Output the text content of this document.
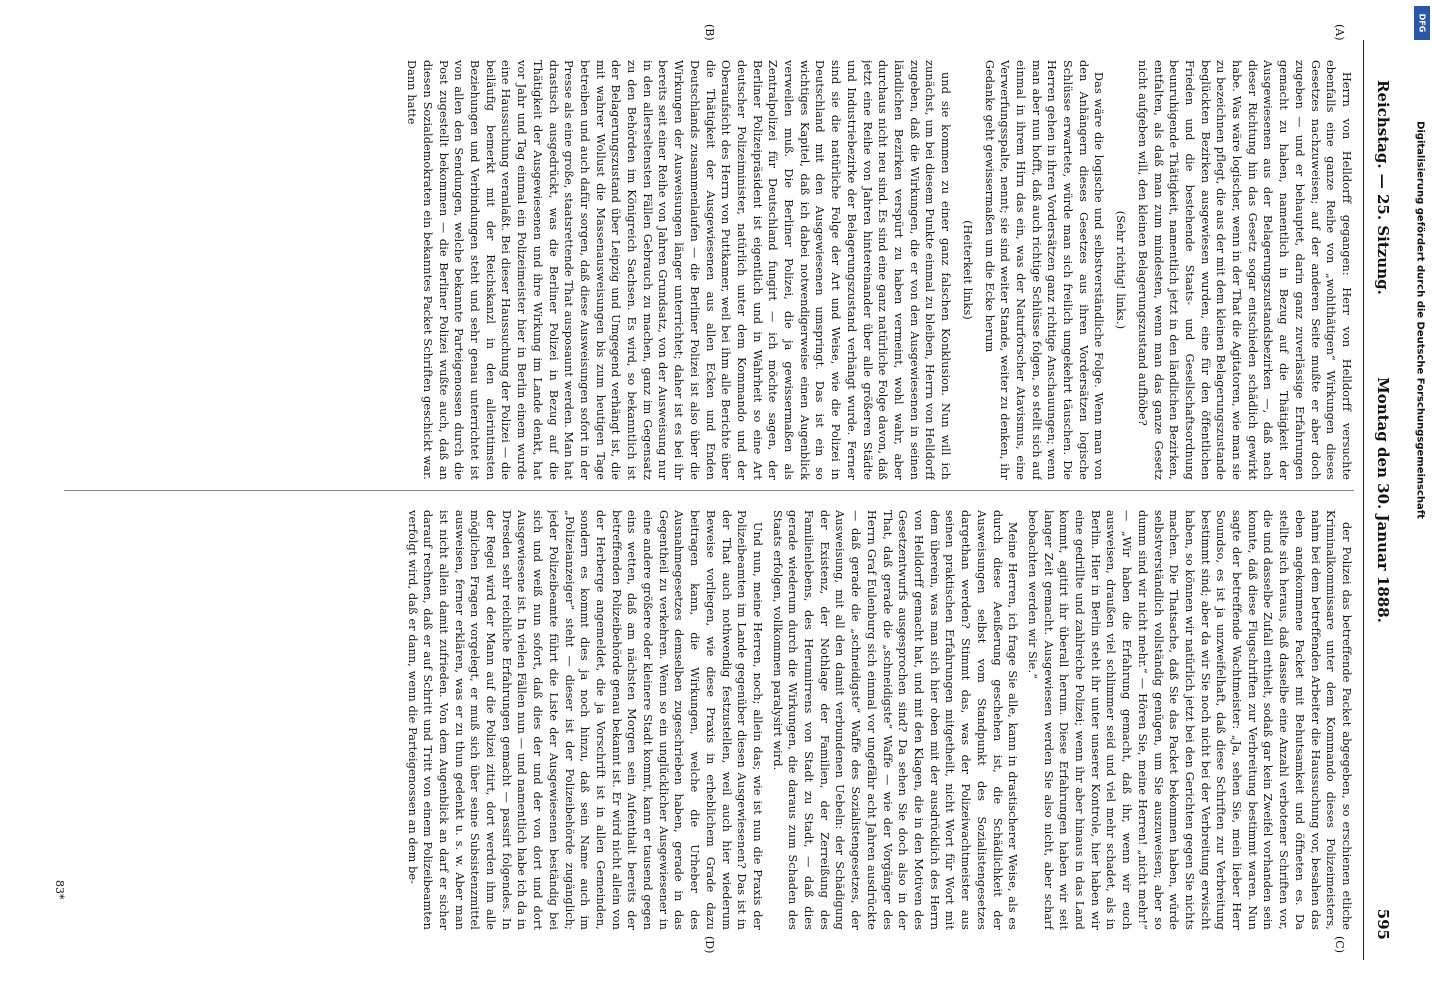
Reichstag. — 25. Sitzung.
Montag den 30. Januar 1888.
595
(A)
(B)
(C)
(D)

Herrn von Helldorff gegangen: Herr von Helldorff versuchte ebenfalls eine ganze Reihe von „wohlthätigen“ Wirkungen dieses Gesetzes nachzuweisen; auf der anderen Seite mußte er aber doch zugeben — und er behauptet, darin ganz zuverlässige Erfahrungen gemacht zu haben, namentlich in Bezug auf die Thätigkeit der Ausgewiesenen aus der Belagerungszustandsbezirken —, daß nach dieser Richtung hin das Gesetz sogar entschieden schädlich gewirkt habe. Was wäre logischer, wenn in der That die Agitatoren, wie man sie zu bezeichnen pflegt, die aus der mit dem kleinen Belagerungszustande beglückten Bezirken ausgewiesen wurden, eine für den öffentlichen Frieden und die bestehende Staats- und Gesellschaftsordnung beunruhigende Thätigkeit, namentlich jetzt in den ländlichen Bezirken, entfalten, als daß man zum mindesten, wenn man das ganze Gesetz nicht aufgeben will, den kleinen Belagerungszustand aufhöbe?

(Sehr richtig! links.)

Das wäre die logische und selbstverständliche Folge. Wenn man von den Anhängern dieses Gesetzes aus ihren Vordersätzen logische Schlüsse erwartete, würde man sich freilich umgekehrt täuschen. Die Herren gehen in ihren Vordersätzen ganz richtige Anschauungen; wenn man aber nun hofft, daß auch richtige Schlüsse folgen, so stellt sich auf einmal in ihrem Hirn das ein, was der Naturforscher Atavismus, eine Verwerfungsspalte, nennt; sie sind weiter Stande, weiter zu denken, ihr Gedanke geht gewissermaßen um die Ecke herum

(Heiterkeit links)

und sie kommen zu einer ganz falschen Konklusion. Nun will ich zunächst, um bei diesem Punkte einmal zu bleiben, Herrn von Helldorff zugeben, daß die Wirkungen, die er von den Ausgewiesenen in seinen ländlichen Bezirken verspürt zu haben vermeint, wohl wahr, aber durchaus nicht neu sind. Es sind eine ganz natürliche Folge davon, daß jetzt eine Reihe von Jahren hintereinander über alle größeren Städte und Industriebezirke der Belagerungszustand verhängt wurde. Ferner sind sie die natürliche Folge der Art und Weise, wie die Polizei in Deutschland mit den Ausgewiesenen umspringt. Das ist ein so wichtiges Kapitel, daß ich dabei notwendigerweise einen Augenblick verweilen muß. Die Berliner Polizei, die ja gewissermaßen als Zentralpolizei für Deutschland fungirt — ich möchte sagen, der Berliner Polizeipräsident ist eigentlich und in Wahrheit so eine Art deutscher Polizeiminister, natürlich unter dem Kommando und der Oberaufsicht des Herrn von Puttkamer, weil bei ihm alle Berichte über die Thätigkeit der Ausgewiesenen aus allen Ecken und Enden Deutschlands zusammenlaufen — die Berliner Polizei ist also über die Wirkungen der Ausweisungen länger unterrichtet; daher ist es bei ihr bereits seit einer Reihe von Jahren Grundsatz, von der Ausweisung nur in den allerseltensten Fällen Gebrauch zu machen, ganz im Gegensatz zu den Behörden im Königreich Sachsen. Es wird, so bekanntlich ist der Belagerungszustand über Leipzig und Umgegend verhängt ist, die mit wahrer Wollust die Massenausweisungen bis zum heutigen Tage betreiben und auch dafür sorgen, daß diese Ausweisungen sofort in der Presse als eine große, staatsrettende That ausposaunt werden. Man hat drastisch ausgedrückt, was die Berliner Polizei in Bezug auf die Thätigkeit der Ausgewiesenen und ihre Wirkung im Lande denkt, hat vor Jahr und Tag einmal ein Polizeimeister hier in Berlin einem wurde eine Haussuchung veranlaßt. Bei dieser Haussuchung der Polizei — die beiläufig bemerkt mit der Reichskanzl in den allerintimsten Beziehungen und Verbindungen steht und sehr genau unterrichtet ist von allen den Sendungen, welche bekannte Parteigenossen durch die Post zugestellt bekommen — die Berliner Polizei wußte auch, daß an diesen Sozialdemokraten ein bekanntes Packet Schriften geschickt war. Dann hatte

der Polizei das betreffende Packet abgegeben, so erschienen etliche Kriminalkommissare unter dem Kommando dieses Polizeimeisters, nahm bei dem betreffenden Arbeiter die Haussuchung vor, besahen das eben angekommene Packet mit Behutsamkeit und öffneten es. Da stellte sich heraus, daß dasselbe eine Anzahl verbotener Schriften vor, die und dasselbe Zufall enthielt, sodaß gar kein Zweifel vorhanden sein konnte, daß diese Flugschriften zur Verbreitung bestimmt waren. Nun sagte der betreffende Wachtmeister: „Ja, sehen Sie, mein lieber Herr Soundso, es ist ja unzweifelhaft, daß diese Schriften zur Verbreitung bestimmt sind; aber da wir Sie noch nicht bei der Verbreitung erwischt haben, so können wir natürlich jetzt bei den Gerichten gegen Sie nichts machen. Die Thatsache, daß Sie das Packet bekommen haben, würde selbstverständlich vollständig genügen, um Sie auszuweisen; aber so dumm sind wir nicht mehr.“ — Hören Sie, meine Herren! „nicht mehr!“ — „Wir haben die Erfahrung gemacht, daß ihr, wenn wir euch ausweisen, draußen viel schlimmer seid und viel mehr schadet, als in Berlin. Hier in Berlin steht ihr unter unserer Kontrole, hier haben wir eine gedrillte und zahlreiche Polizei; wenn ihr aber hinaus in das Land kommt, agitirt ihr überall herum. Diese Erfahrungen haben wir seit langer Zeit gemacht. Ausgewiesen werden Sie also nicht, aber scharf beobachten werden wir Sie.“

Meine Herren, ich frage Sie alle, kann in drastischerer Weise, als es durch diese Aeußerung geschehen ist, die Schädlichkeit der Ausweisungen selbst vom Standpunkt des Sozialistengesetzes dargethan werden? Stimmt das, was der Polizeiwachtmeister aus seinen praktischen Erfahrungen mitgetheilt, nicht Wort für Wort mit dem überein, was man sich hier oben mit der ausdrücklich des Herrn von Helldorff gemacht hat, und mit den Klagen, die in den Motiven des Gesetzentwurfs ausgesprochen sind? Da sehen Sie doch also in der That, daß gerade die „schneidigste“ Waffe — wie der Vorgänger des Herrn Graf Eulenburg sich einmal vor ungefähr acht Jahren ausdrückte — daß gerade die „schneidigste“ Waffe des Sozialistengesetzes, der Ausweisung, mit all den damit verbundenen Uebeln: der Schädigung der Existenz, der Nothlage der Familien, der Zerreißung des Familienlebens, des Herumirrens von Stadt zu Stadt, — daß dies gerade wiederum durch die Wirkungen, die daraus zum Schaden des Staats erfolgen, vollkommen paralysirt wird.

Und nun, meine Herren, noch; allein das; wie ist nun die Praxis der Polizeibeamten im Lande gegenüber diesen Ausgewiesenen? Das ist in der That auch nothwendig festzustellen, weil auch hier wiederum Beweise vorliegen, wie diese Praxis in erheblichem Grade dazu beitragen kann, die Wirkungen, welche die Urheber des Ausnahmegesetzes demselben zugeschrieben haben, gerade in das Gegentheil zu verkehren. Wenn so ein unglücklicher Ausgewiesener in eine andere größere oder kleinere Stadt kommt, kann er tausend gegen eins wetten, daß am nächsten Morgen sein Aufenthalt bereits der betreffenden Polizeibehörde genau bekannt ist. Er wird nicht allein von der Herberge angemeldet, die ja Vorschrift ist in allen Gemeinden, sondern es kommt dies ja noch hinzu, daß sein Name auch im „Polizeianzeiger“ steht — dieser ist der Polizeibehörde zugänglich; jeder Polizeibeamte führt die Liste der Ausgewiesenen beständig bei sich und weiß nun sofort, daß dies der und der von dort und dort Ausgewiesene ist. In vielen Fällen nun — und namentlich habe ich da in Dresden sehr reichliche Erfahrungen gemacht — passirt folgendes. In der Regel wird der Mann auf die Polizei zitirt, dort werden ihm alle möglichen Fragen vorgelegt, er muß sich über seine Subsistenzmittel ausweisen, ferner erklären, was er zu thun gedenkt u. s. w. Aber man ist nicht allein damit zufrieden. Von dem Augenblick an darf er sicher darauf rechnen, daß er auf Schritt und Tritt von einem Polizeibeamten verfolgt wird, daß er dann, wenn die Parteigenossen an dem be-

83*
DFG
Digitalisierung gefördert durch die Deutsche Forschungsgemeinschaft
